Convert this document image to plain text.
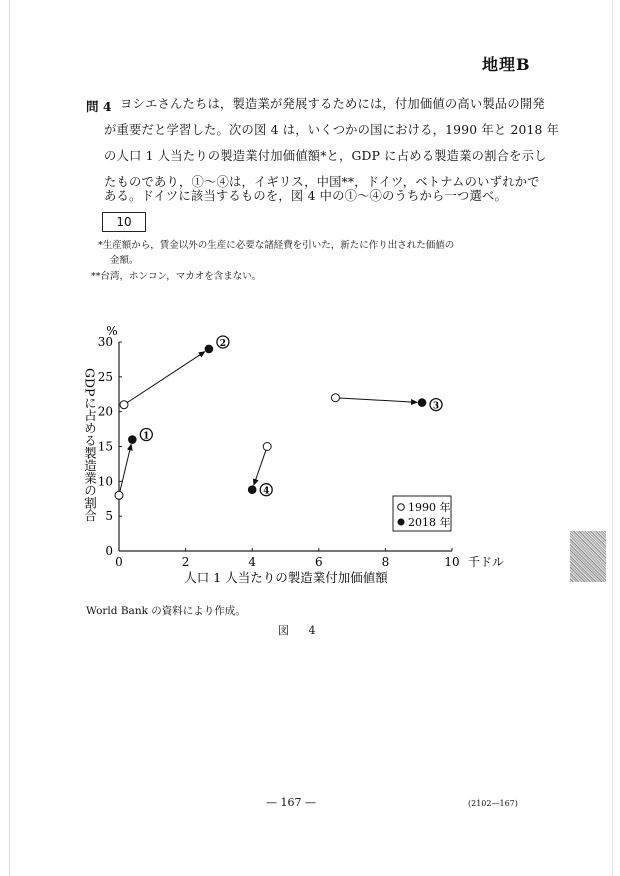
地理B
問 4 ヨシエさんたちは，製造業が発展するためには，付加価値の高い製品の開発
が重要だと学習した。次の図 4 は，いくつかの国における，1990 年と 2018 年
の人口 1 人当たりの製造業付加価値額*と，GDP に占める製造業の割合を示し
たものであり，①～④は，イギリス，中国**，ドイツ，ベトナムのいずれかで
ある。ドイツに該当するものを，図 4 中の①～④のうちから一つ選べ。
10
*生産額から，賃金以外の生産に必要な諸経費を引いた，新たに作り出された価値の
金額。
**台湾，ホンコン，マカオを含まない。
0
5
10
15
20
25
30
0	2	4	6	8	10
1
2
3
4
%
千ドル
人口 1 人当たりの製造業付加価値額
GDPに占める製造業の割合	1990 年
2018 年
World Bank の資料により作成。
図 4
— 167 —	(2102—167)
